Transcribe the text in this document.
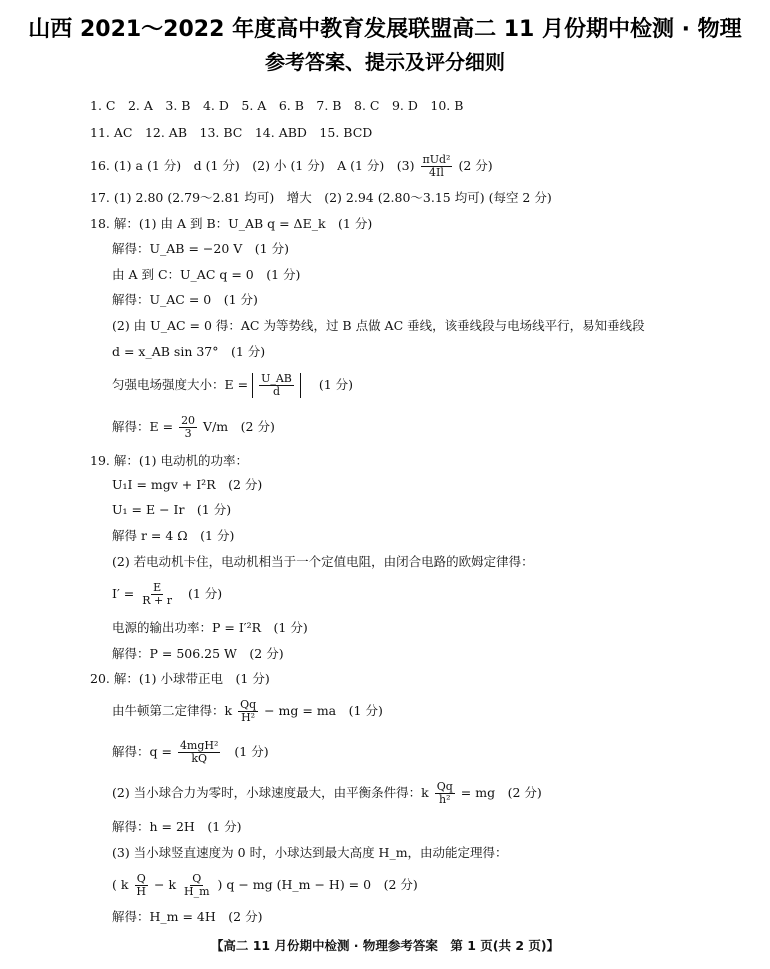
山西 2021～2022 年度高中教育发展联盟高二 11 月份期中检测 · 物理
参考答案、提示及评分细则
1. C　2. A　3. B　4. D　5. A　6. B　7. B　8. C　9. D　10. B
11. AC　12. AB　13. BC　14. ABD　15. BCD
16. (1) a (1 分)　d (1 分)　(2) 小 (1 分)　A (1 分)　$(3) \frac{\text{πUd²}}{4Il} (2$ 分)
17. (1) 2.80 (2.79～2.81 均可)　增大　(2) 2.94 (2.80～3.15 均可) (每空 2 分)
18. 解：(1) 由 A 到 B：U_AB q = ΔE_k　(1 分)
解得：U_AB = −20 V　(1 分)
由 A 到 C：U_AC q = 0　(1 分)
解得：U_AC = 0　(1 分)
(2) 由 U_AC = 0 得：AC 为等势线，过 B 点做 AC 垂线，该垂线段与电场线平行，易知垂线段
d = x_AB sin 37°　(1 分)
匀强电场强度大小：$E = \frac{U\_AB}{d} (1$ 分)
解得：$E = \frac{20}{3} V/m$　(2 分)
19. 解：(1) 电动机的功率：
U₁I = mgv + I²R　(2 分)
U₁ = E − Ir　(1 分)
解得 r = 4 Ω　(1 分)
(2) 若电动机卡住，电动机相当于一个定值电阻，由闭合电路的欧姆定律得：
$I' = \frac{E}{R + r} (1$ 分)
电源的输出功率：P = I′²R　(1 分)
解得：P = 506.25 W　(2 分)
20. 解：(1) 小球带正电　(1 分)
由牛顿第二定律得：k $\frac{Qq}{\text{H²}}$ − mg = ma　(1 分)
解得：$q = \frac{\text{4mgH²}}{kQ} (1$ 分)
(2) 当小球合力为零时，小球速度最大，由平衡条件得：k $\frac{Qq}{\text{h²}}$ = mg　(2 分)
解得：h = 2H　(1 分)
(3) 当小球竖直速度为 0 时，小球达到最大高度 H_m，由动能定理得：
( k $\frac{Q}{H} - k \frac{Q}{H\_m}$ ) q − mg (H_m − H) = 0　(2 分)
解得：H_m = 4H　(2 分)
【高二 11 月份期中检测 · 物理参考答案　第 1 页(共 2 页)】
